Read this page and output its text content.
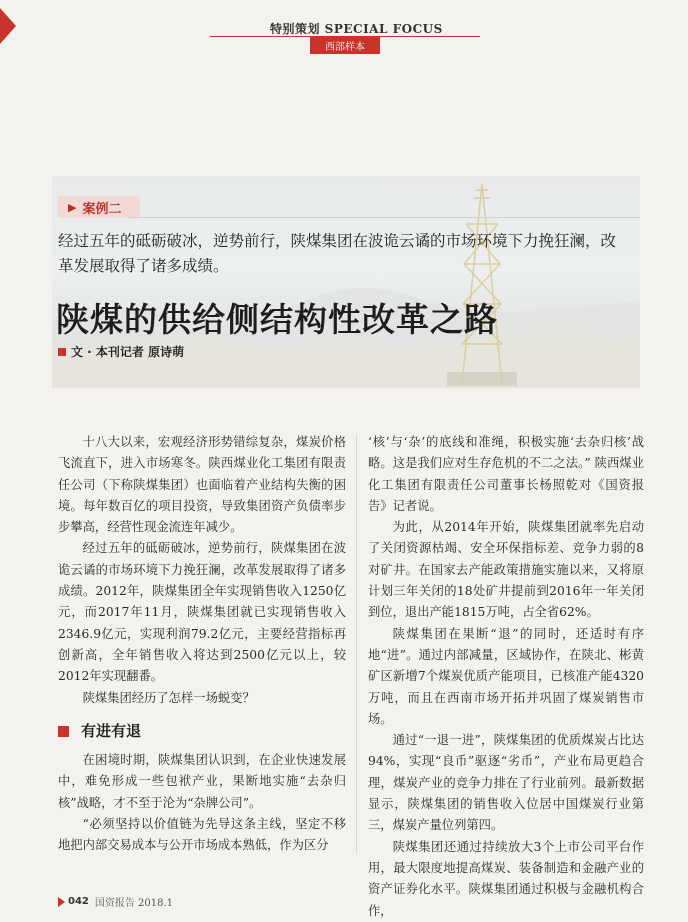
特别策划 SPECIAL FOCUS
西部样本
▶ 案例二
经过五年的砥砺破冰，逆势前行，陕煤集团在波诡云谲的市场环境下力挽狂澜，改革发展取得了诸多成绩。
陕煤的供给侧结构性改革之路
文 · 本刊记者 原诗萌

十八大以来，宏观经济形势错综复杂，煤炭价格飞流直下，进入市场寒冬。陕西煤业化工集团有限责任公司（下称陕煤集团）也面临着产业结构失衡的困境。每年数百亿的项目投资，导致集团资产负债率步步攀高，经营性现金流连年减少。

经过五年的砥砺破冰，逆势前行，陕煤集团在波诡云谲的市场环境下力挽狂澜，改革发展取得了诸多成绩。2012年，陕煤集团全年实现销售收入1250亿元，而2017年11月，陕煤集团就已实现销售收入2346.9亿元，实现利润79.2亿元，主要经营指标再创新高，全年销售收入将达到2500亿元以上，较2012年实现翻番。

陕煤集团经历了怎样一场蜕变？

有进有退

在困境时期，陕煤集团认识到，在企业快速发展中，难免形成一些包袱产业，果断地实施“去杂归核”战略，才不至于沦为“杂牌公司”。

“必须坚持以价值链为先导这条主线，坚定不移地把内部交易成本与公开市场成本熟低，作为区分

‘核’与‘杂’的底线和准绳，积极实施‘去杂归核’战略。这是我们应对生存危机的不二之法。” 陕西煤业化工集团有限责任公司董事长杨照乾对《国资报告》记者说。

为此，从2014年开始，陕煤集团就率先启动了关闭资源枯竭、安全环保指标差、竞争力弱的8对矿井。在国家去产能政策措施实施以来，又将原计划三年关闭的18处矿井提前到2016年一年关闭到位，退出产能1815万吨，占全省62%。

陕煤集团在果断“退”的同时，还适时有序地“进”。通过内部减量，区域协作，在陕北、彬黄矿区新增7个煤炭优质产能项目，已核准产能4320万吨，而且在西南市场开拓并巩固了煤炭销售市场。

通过“一退一进”，陕煤集团的优质煤炭占比达94%，实现“良币”驱逐“劣币”，产业布局更趋合理，煤炭产业的竞争力排在了行业前列。最新数据显示，陕煤集团的销售收入位居中国煤炭行业第三，煤炭产量位列第四。

陕煤集团还通过持续放大3个上市公司平台作用，最大限度地提高煤炭、装备制造和金融产业的资产证券化水平。陕煤集团通过积极与金融机构合作，

042 国资报告 2018.1
